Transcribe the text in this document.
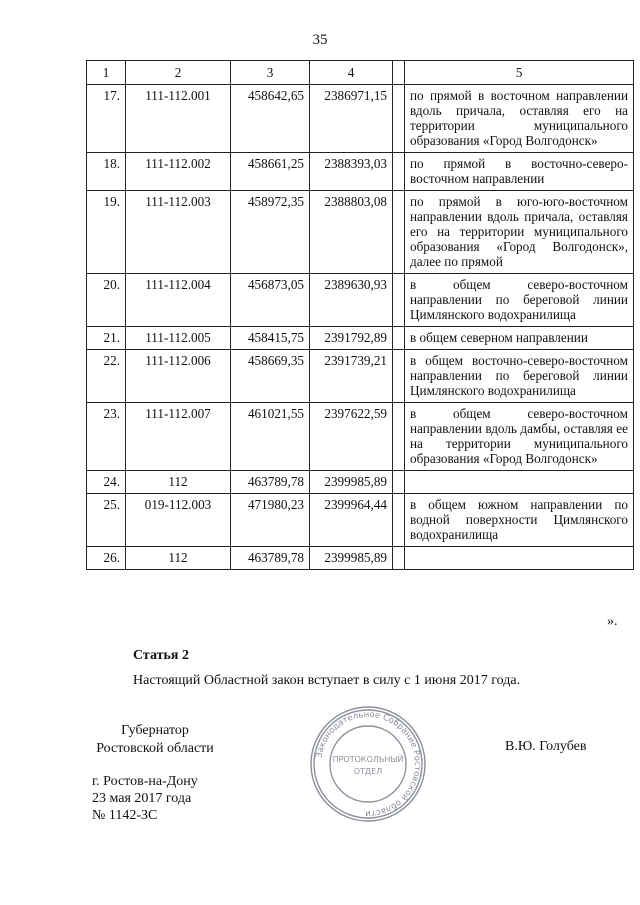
35
1	2	3	4		5
17.	111-112.001	458642,65	2386971,15		по прямой в восточном направлении вдоль причала, оставляя его на территории муниципального образования «Город Волгодонск»
18.	111-112.002	458661,25	2388393,03		по прямой в восточно-северо-восточном направлении
19.	111-112.003	458972,35	2388803,08		по прямой в юго-юго-восточном направлении вдоль причала, оставляя его на территории муниципального образования «Город Волгодонск», далее по прямой
20.	111-112.004	456873,05	2389630,93		в общем северо-восточном направлении по береговой линии Цимлянского водохранилища
21.	111-112.005	458415,75	2391792,89		в общем северном направлении
22.	111-112.006	458669,35	2391739,21		в общем восточно-северо-восточном направлении по береговой линии Цимлянского водохранилища
23.	111-112.007	461021,55	2397622,59		в общем северо-восточном направлении вдоль дамбы, оставляя ее на территории муниципального образования «Город Волгодонск»
24.	112	463789,78	2399985,89		
25.	019-112.003	471980,23	2399964,44		в общем южном направлении по водной поверхности Цимлянского водохранилища
26.	112	463789,78	2399985,89		
».
Статья 2
Настоящий Областной закон вступает в силу с 1 июня 2017 года.
Губернатор
Ростовской области	В.Ю. Голубев
г. Ростов-на-Дону
23 мая 2017 года
№ 1142-ЗС
Законодательное Собрание Ростовской области
ПРОТОКОЛЬНЫЙ
ОТДЕЛ
